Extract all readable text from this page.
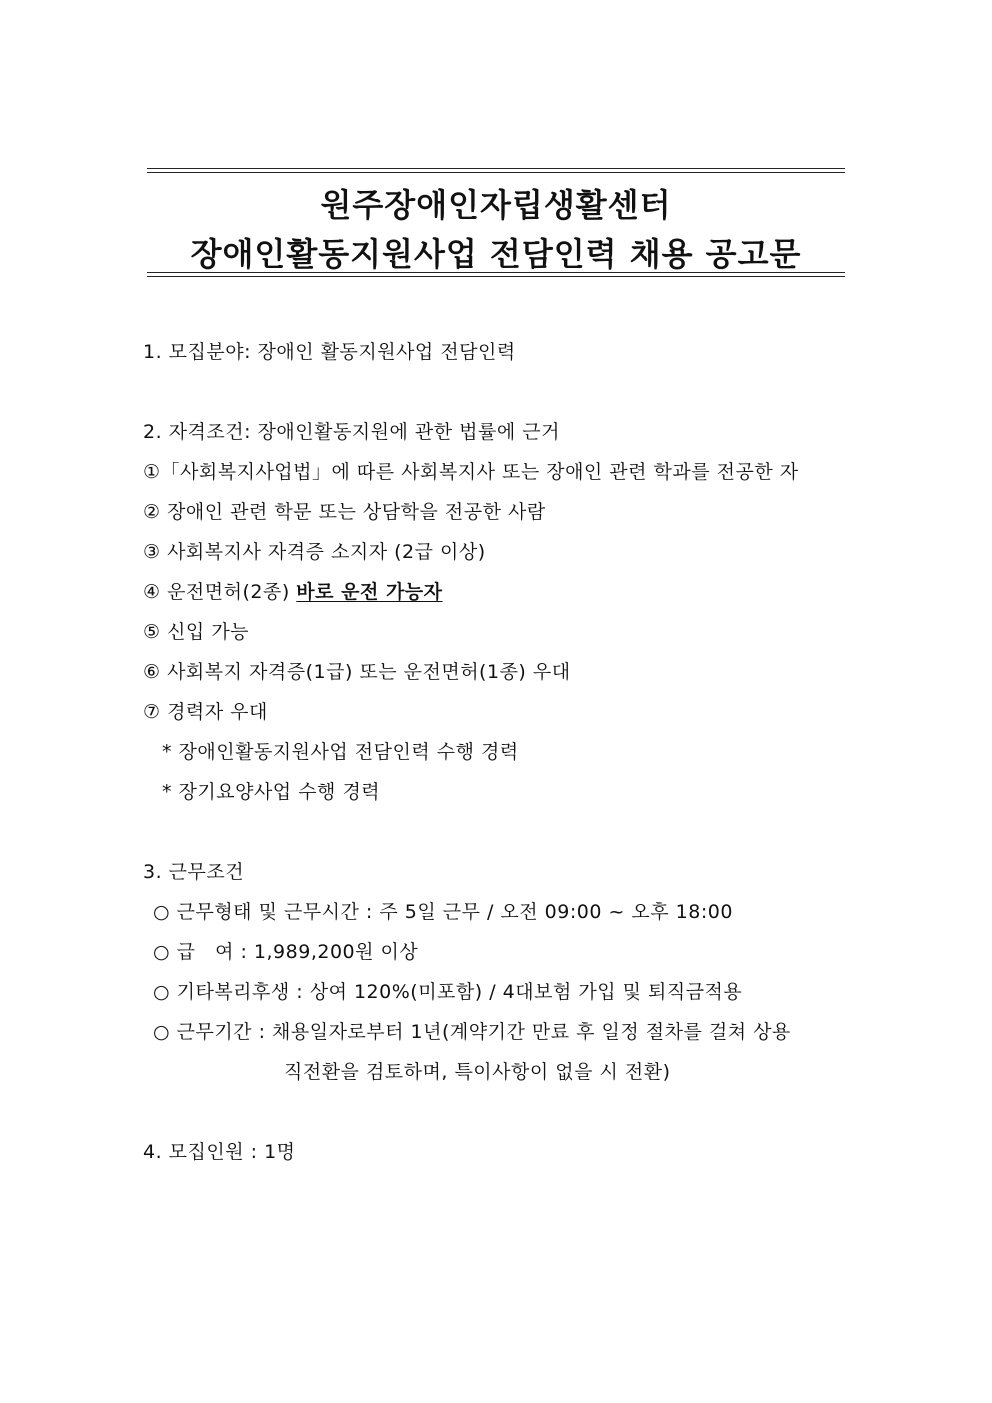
원주장애인자립생활센터
장애인활동지원사업 전담인력 채용 공고문
1. 모집분야: 장애인 활동지원사업 전담인력
2. 자격조건: 장애인활동지원에 관한 법률에 근거
①「사회복지사업법」에 따른 사회복지사 또는 장애인 관련 학과를 전공한 자
② 장애인 관련 학문 또는 상담학을 전공한 사람
③ 사회복지사 자격증 소지자 (2급 이상)
④ 운전면허(2종) 바로 운전 가능자
⑤ 신입 가능
⑥ 사회복지 자격증(1급) 또는 운전면허(1종) 우대
⑦ 경력자 우대
* 장애인활동지원사업 전담인력 수행 경력
* 장기요양사업 수행 경력
3. 근무조건
○ 근무형태 및 근무시간 : 주 5일 근무 / 오전 09:00 ~ 오후 18:00
○ 급   여 : 1,989,200원 이상
○ 기타복리후생 : 상여 120%(미포함) / 4대보험 가입 및 퇴직금적용
○ 근무기간 : 채용일자로부터 1년(계약기간 만료 후 일정 절차를 걸쳐 상용
직전환을 검토하며, 특이사항이 없을 시 전환)
4. 모집인원 : 1명
